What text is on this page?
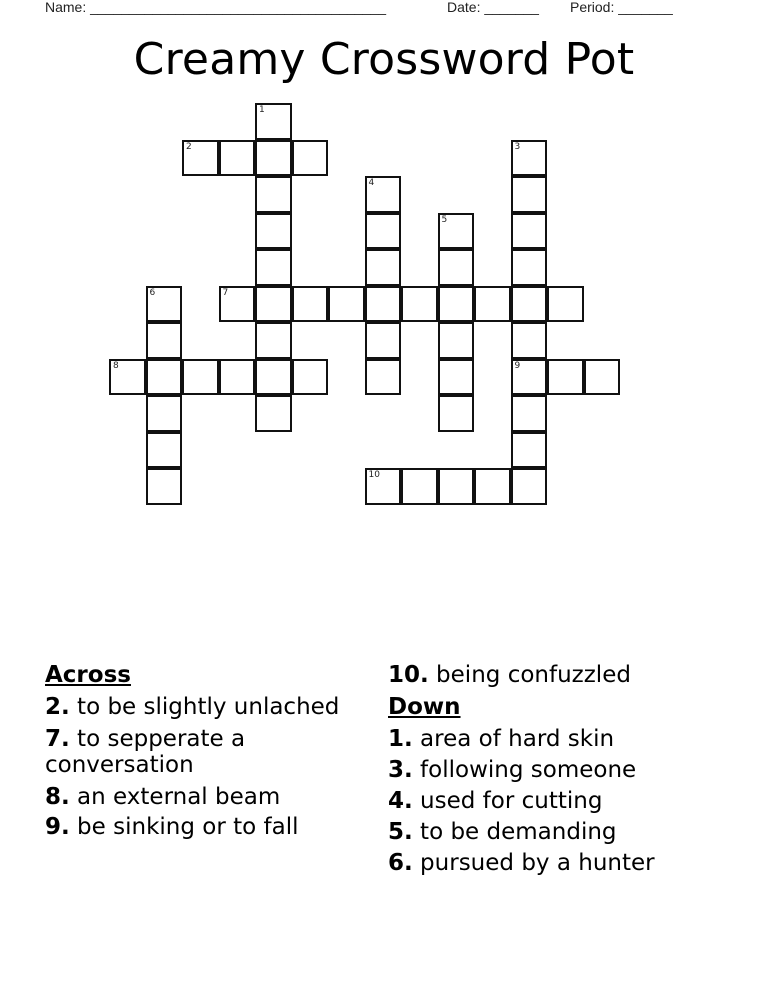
Name: ______________________________________	Date: _______ Period: _______
Creamy Crossword Pot
1
2	3
9
4
5
6	7
8
10
Across
2. to be slightly unlached
7. to sepperate a conversation
8. an external beam
9. be sinking or to fall
10. being confuzzled
Down
1. area of hard skin
3. following someone
4. used for cutting
5. to be demanding
6. pursued by a hunter
